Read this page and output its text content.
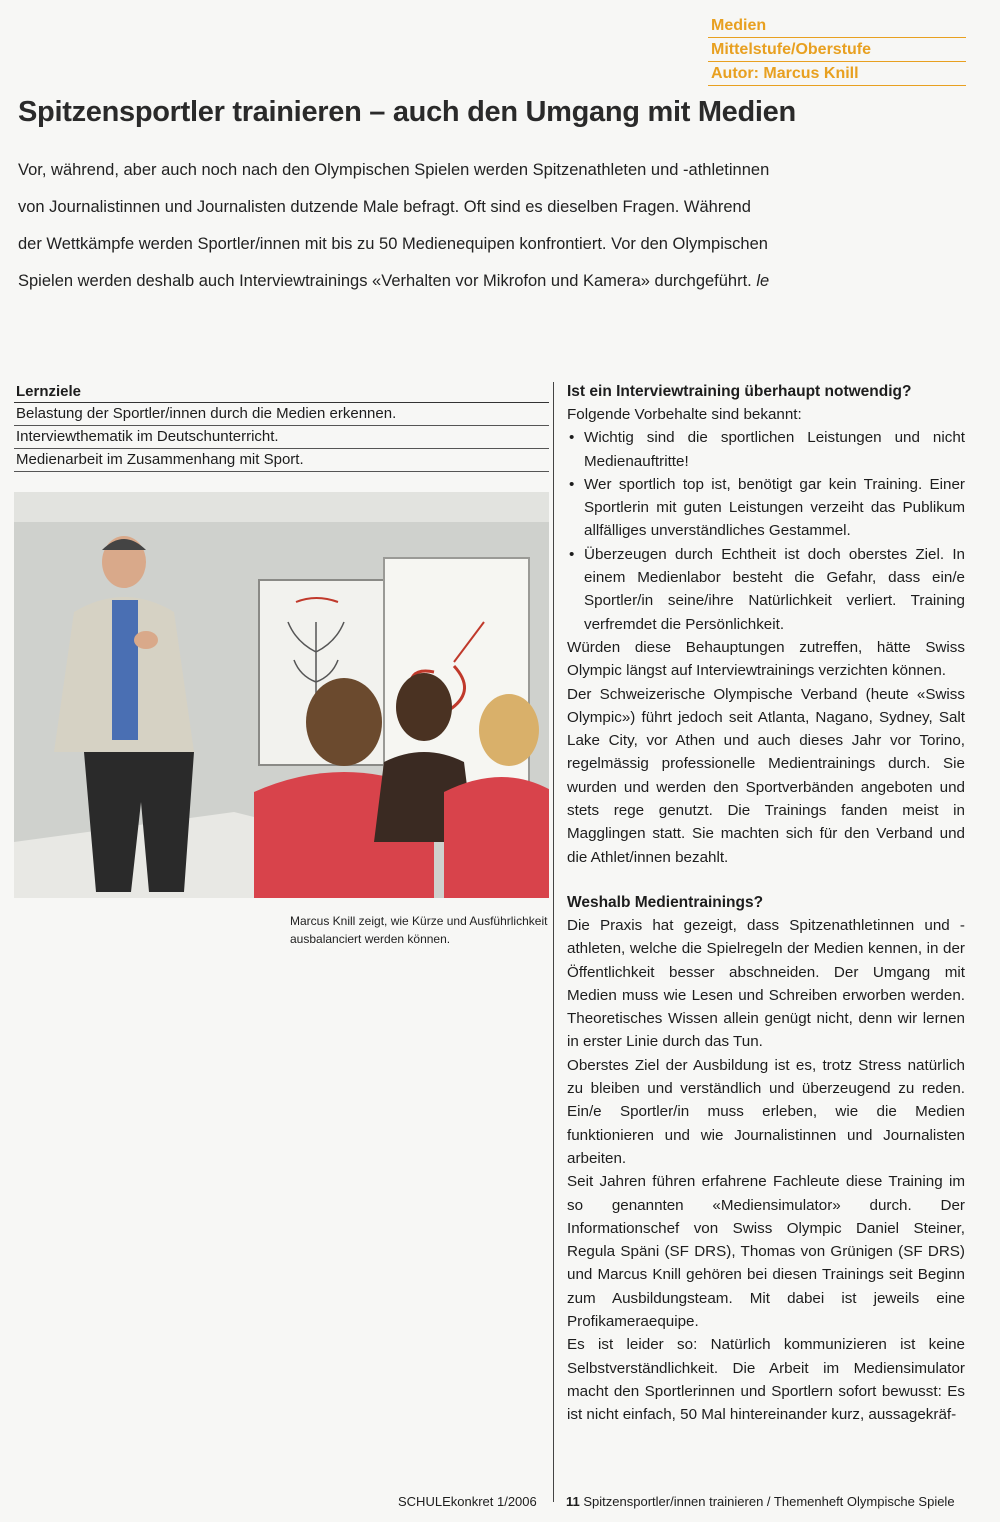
Medien
Mittelstufe/Oberstufe
Autor: Marcus Knill
Spitzensportler trainieren – auch den Umgang mit Medien

Vor, während, aber auch noch nach den Olympischen Spielen werden Spitzenathleten und -athletinnen
von Journalistinnen und Journalisten dutzende Male befragt. Oft sind es dieselben Fragen. Während
der Wettkämpfe werden Sportler/innen mit bis zu 50 Medienequipen konfrontiert. Vor den Olympischen
Spielen werden deshalb auch Interviewtrainings «Verhalten vor Mikrofon und Kamera» durchgeführt. le

Lernziele
Belastung der Sportler/innen durch die Medien erkennen.
Interviewthematik im Deutschunterricht.
Medienarbeit im Zusammenhang mit Sport.

Marcus Knill zeigt, wie Kürze und Ausführlichkeit ausbalanciert werden können.

Ist ein Interviewtraining überhaupt notwendig?

Folgende Vorbehalte sind bekannt:

• Wichtig sind die sportlichen Leistungen und nicht Medienauftritte!
• Wer sportlich top ist, benötigt gar kein Training. Einer Sportlerin mit guten Leistungen verzeiht das Publikum allfälliges unverständliches Gestammel.
• Überzeugen durch Echtheit ist doch oberstes Ziel. In einem Medienlabor besteht die Gefahr, dass ein/e Sportler/in seine/ihre Natürlichkeit verliert. Training verfremdet die Persönlichkeit.

Würden diese Behauptungen zutreffen, hätte Swiss Olympic längst auf Interviewtrainings verzichten können.

Der Schweizerische Olympische Verband (heute «Swiss Olympic») führt jedoch seit Atlanta, Nagano, Sydney, Salt Lake City, vor Athen und auch dieses Jahr vor Torino, regelmässig professionelle Medientrainings durch. Sie wurden und werden den Sportverbänden angeboten und stets rege genutzt. Die Trainings fanden meist in Magglingen statt. Sie machten sich für den Verband und die Athlet/innen bezahlt.

Weshalb Medientrainings?

Die Praxis hat gezeigt, dass Spitzenathletinnen und -athleten, welche die Spielregeln der Medien kennen, in der Öffentlichkeit besser abschneiden. Der Umgang mit Medien muss wie Lesen und Schreiben erworben werden. Theoretisches Wissen allein genügt nicht, denn wir lernen in erster Linie durch das Tun.

Oberstes Ziel der Ausbildung ist es, trotz Stress natürlich zu bleiben und verständlich und überzeugend zu reden. Ein/e Sportler/in muss erleben, wie die Medien funktionieren und wie Journalistinnen und Journalisten arbeiten.

Seit Jahren führen erfahrene Fachleute diese Training im so genannten «Mediensimulator» durch. Der Informationschef von Swiss Olympic Daniel Steiner, Regula Späni (SF DRS), Thomas von Grünigen (SF DRS) und Marcus Knill gehören bei diesen Trainings seit Beginn zum Ausbildungsteam. Mit dabei ist jeweils eine Profikameraequipe.

Es ist leider so: Natürlich kommunizieren ist keine Selbstverständlichkeit. Die Arbeit im Mediensimulator macht den Sportlerinnen und Sportlern sofort bewusst: Es ist nicht einfach, 50 Mal hintereinander kurz, aussagekräf-

SCHULEkonkret 1/2006 11 Spitzensportler/innen trainieren / Themenheft Olympische Spiele
